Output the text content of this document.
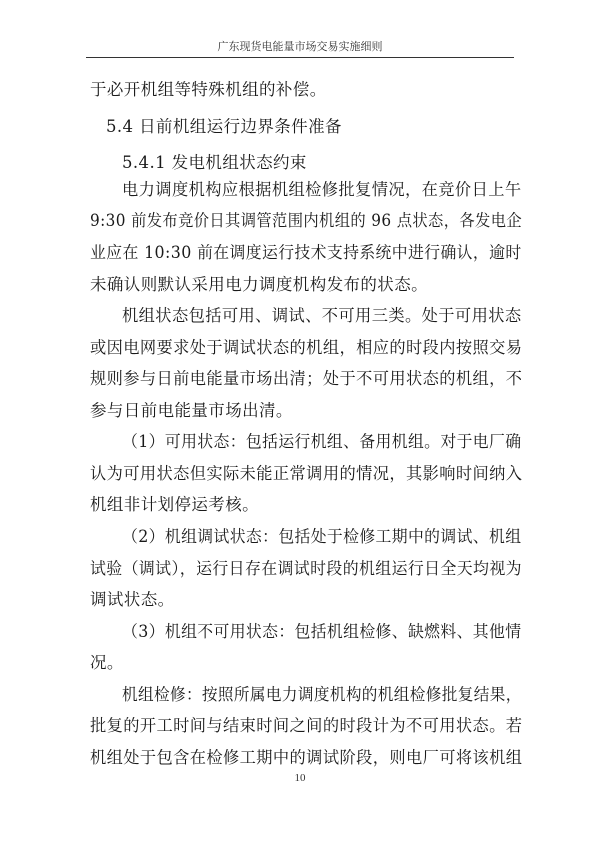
广东现货电能量市场交易实施细则
于必开机组等特殊机组的补偿。
5.4 日前机组运行边界条件准备
5.4.1 发电机组状态约束
电力调度机构应根据机组检修批复情况，在竞价日上午
9:30 前发布竞价日其调管范围内机组的 96 点状态，各发电企
业应在 10:30 前在调度运行技术支持系统中进行确认，逾时
未确认则默认采用电力调度机构发布的状态。
机组状态包括可用、调试、不可用三类。处于可用状态
或因电网要求处于调试状态的机组，相应的时段内按照交易
规则参与日前电能量市场出清；处于不可用状态的机组，不
参与日前电能量市场出清。
（1）可用状态：包括运行机组、备用机组。对于电厂确
认为可用状态但实际未能正常调用的情况，其影响时间纳入
机组非计划停运考核。
（2）机组调试状态：包括处于检修工期中的调试、机组
试验（调试），运行日存在调试时段的机组运行日全天均视为
调试状态。
（3）机组不可用状态：包括机组检修、缺燃料、其他情
况。
机组检修：按照所属电力调度机构的机组检修批复结果，
批复的开工时间与结束时间之间的时段计为不可用状态。若
机组处于包含在检修工期中的调试阶段，则电厂可将该机组
10
